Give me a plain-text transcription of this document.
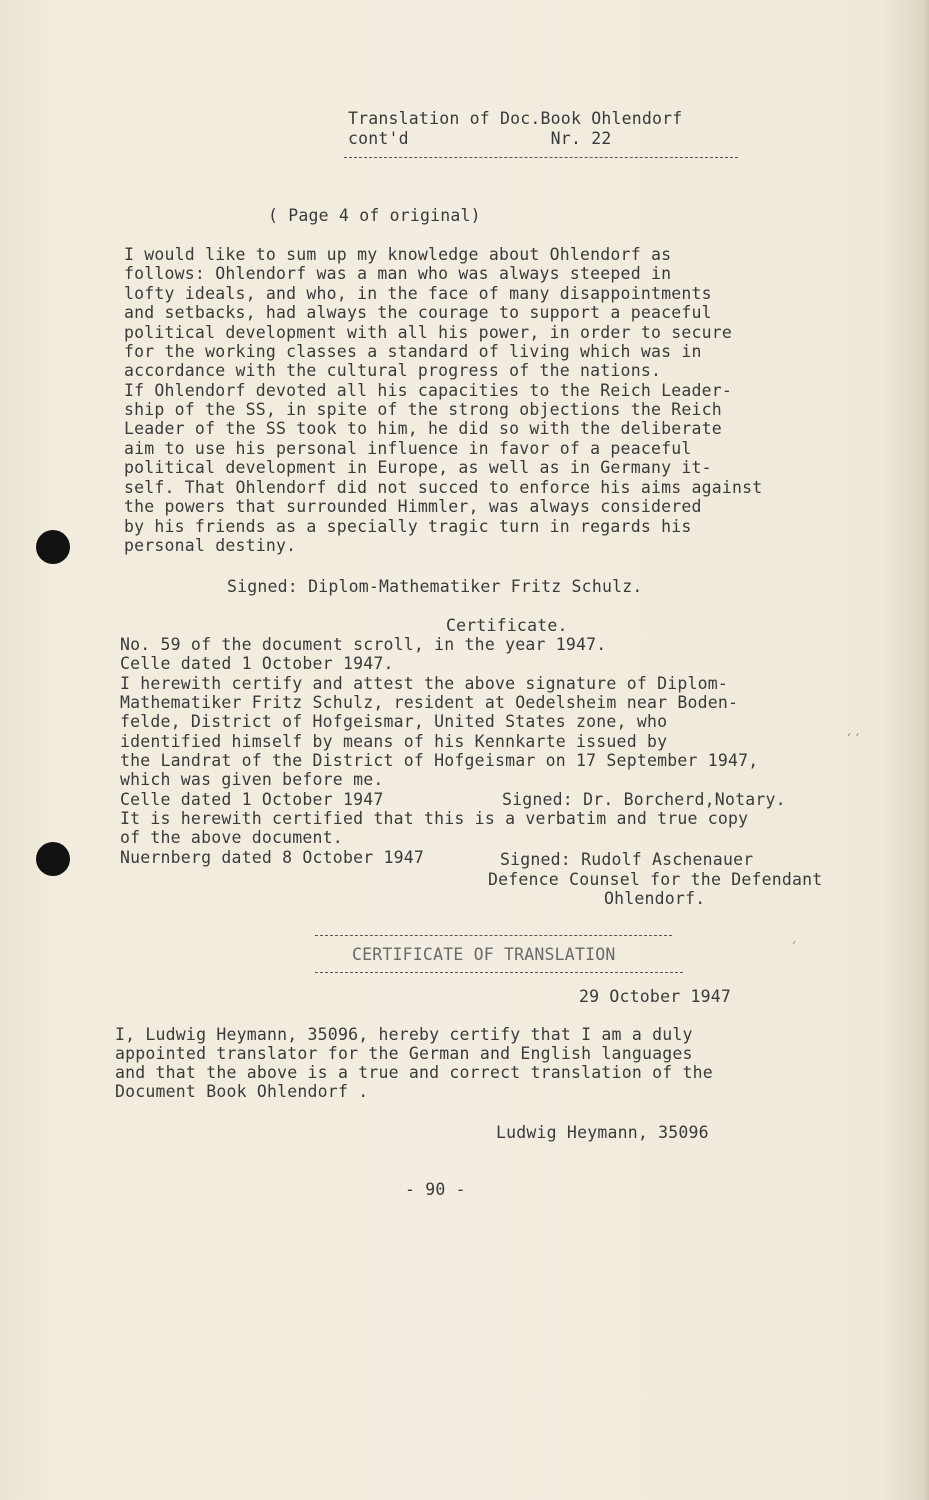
Translation of Doc.Book Ohlendorf
cont'd              Nr. 22
( Page 4 of original)
I would like to sum up my knowledge about Ohlendorf as
follows: Ohlendorf was a man who was always steeped in
lofty ideals, and who, in the face of many disappointments
and setbacks, had always the courage to support a peaceful
political development with all his power, in order to secure
for the working classes a standard of living which was in
accordance with the cultural progress of the nations.
If Ohlendorf devoted all his capacities to the Reich Leader-
ship of the SS, in spite of the strong objections the Reich
Leader of the SS took to him, he did so with the deliberate
aim to use his personal influence in favor of a peaceful
political development in Europe, as well as in Germany it-
self. That Ohlendorf did not succed to enforce his aims against
the powers that surrounded Himmler, was always considered
by his friends as a specially tragic turn in regards his
personal destiny.
Signed: Diplom-Mathematiker Fritz Schulz.
Certificate.
No. 59 of the document scroll, in the year 1947.
Celle dated 1 October 1947.
I herewith certify and attest the above signature of Diplom-
Mathematiker Fritz Schulz, resident at Oedelsheim near Boden-
felde, District of Hofgeismar, United States zone, who
identified himself by means of his Kennkarte issued by
the Landrat of the District of Hofgeismar on 17 September 1947,
which was given before me.
Celle dated 1 October 1947	Signed: Dr. Borcherd,Notary.
It is herewith certified that this is a verbatim and true copy
of the above document.
Nuernberg dated 8 October 1947	Signed: Rudolf Aschenauer
Defence Counsel for the Defendant
Ohlendorf.
CERTIFICATE OF TRANSLATION
29 October 1947
I, Ludwig Heymann, 35096, hereby certify that I am a duly
appointed translator for the German and English languages
and that the above is a true and correct translation of the
Document Book Ohlendorf .
Ludwig Heymann, 35096
- 90 -
′′
′
